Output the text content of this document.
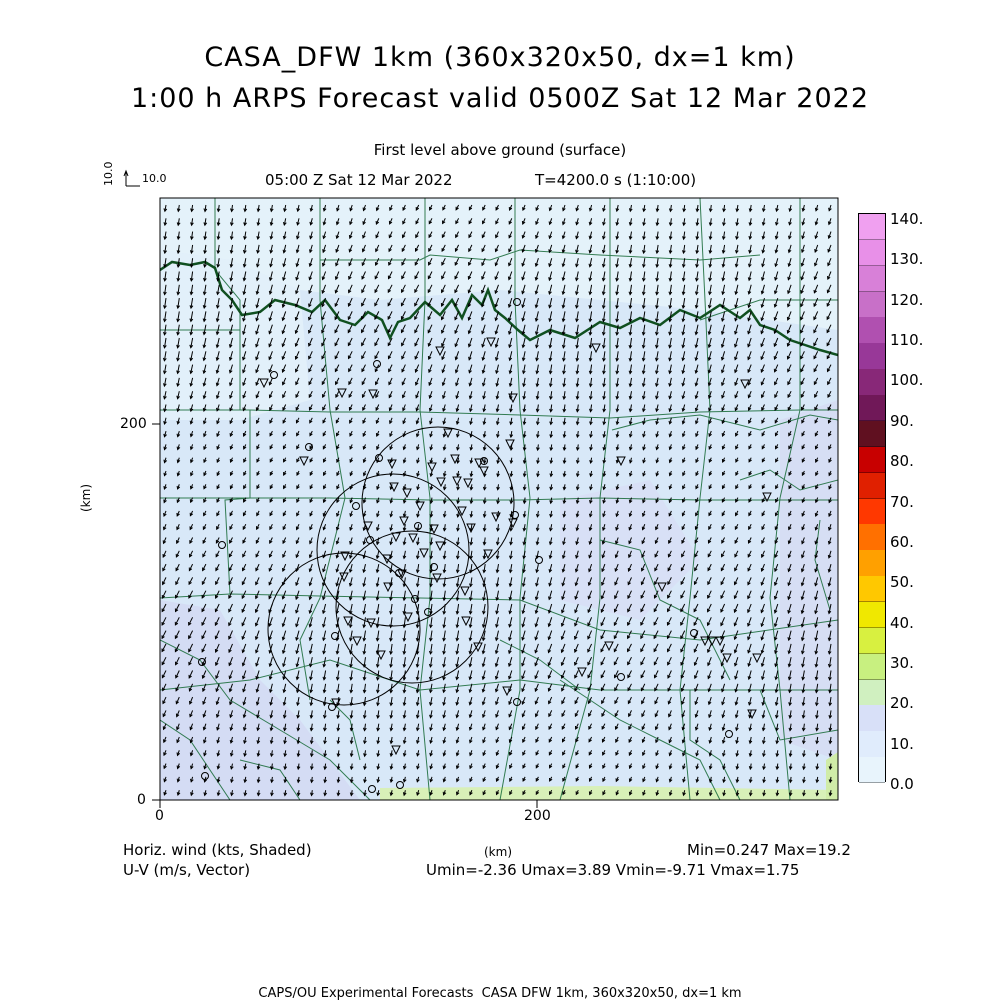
CASA_DFW 1km (360x320x50, dx=1 km)
1:00 h ARPS Forecast valid 0500Z Sat 12 Mar 2022
First level above ground (surface)
05:00 Z Sat 12 Mar 2022	T=4200.0 s (1:10:00)
10.0 10.0
0
200
0	200
(km)
(km)
140.
130.
120.
110.
100.
90.
80.
70.
60.
50.
40.
30.
20.
10.
0.0
Horiz. wind (kts, Shaded)
U-V (m/s, Vector)
Min=0.247 Max=19.2
Umin=-2.36 Umax=3.89 Vmin=-9.71 Vmax=1.75
CAPS/OU Experimental Forecasts  CASA DFW 1km, 360x320x50, dx=1 km
